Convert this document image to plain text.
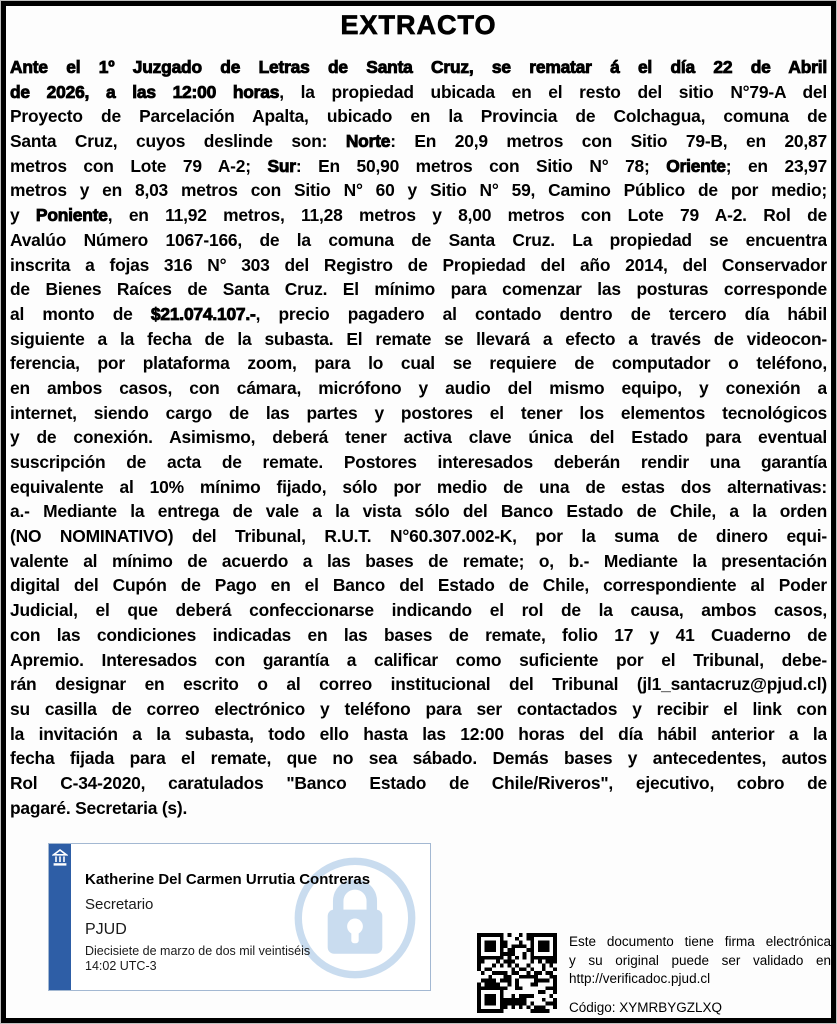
EXTRACTO
Ante el 1º Juzgado de Letras de Santa Cruz, se rematar á el día 22 de Abril
de 2026, a las 12:00 horas, la propiedad ubicada en el resto del sitio N°79-A del
Proyecto de Parcelación Apalta, ubicado en la Provincia de Colchagua, comuna de
Santa Cruz, cuyos deslinde son: Norte: En 20,9 metros con Sitio 79-B, en 20,87
metros con Lote 79 A-2; Sur: En 50,90 metros con Sitio N° 78; Oriente; en 23,97
metros y en 8,03 metros con Sitio N° 60 y Sitio N° 59, Camino Público de por medio;
y Poniente, en 11,92 metros, 11,28 metros y 8,00 metros con Lote 79 A-2. Rol de
Avalúo Número 1067-166, de la comuna de Santa Cruz. La propiedad se encuentra
inscrita a fojas 316 N° 303 del Registro de Propiedad del año 2014, del Conservador
de Bienes Raíces de Santa Cruz. El mínimo para comenzar las posturas corresponde
al monto de $21.074.107.-, precio pagadero al contado dentro de tercero día hábil
siguiente a la fecha de la subasta. El remate se llevará a efecto a través de videocon-
ferencia, por plataforma zoom, para lo cual se requiere de computador o teléfono,
en ambos casos, con cámara, micrófono y audio del mismo equipo, y conexión a
internet, siendo cargo de las partes y postores el tener los elementos tecnológicos
y de conexión. Asimismo, deberá tener activa clave única del Estado para eventual
suscripción de acta de remate. Postores interesados deberán rendir una garantía
equivalente al 10% mínimo fijado, sólo por medio de una de estas dos alternativas:
a.- Mediante la entrega de vale a la vista sólo del Banco Estado de Chile, a la orden
(NO NOMINATIVO) del Tribunal, R.U.T. N°60.307.002-K, por la suma de dinero equi-
valente al mínimo de acuerdo a las bases de remate; o, b.- Mediante la presentación
digital del Cupón de Pago en el Banco del Estado de Chile, correspondiente al Poder
Judicial, el que deberá confeccionarse indicando el rol de la causa, ambos casos,
con las condiciones indicadas en las bases de remate, folio 17 y 41 Cuaderno de
Apremio. Interesados con garantía a calificar como suficiente por el Tribunal, debe-
rán designar en escrito o al correo institucional del Tribunal (jl1_santacruz@pjud.cl)
su casilla de correo electrónico y teléfono para ser contactados y recibir el link con
la invitación a la subasta, todo ello hasta las 12:00 horas del día hábil anterior a la
fecha fijada para el remate, que no sea sábado. Demás bases y antecedentes, autos
Rol C-34-2020, caratulados "Banco Estado de Chile/Riveros", ejecutivo, cobro de
pagaré. Secretaria (s).
Katherine Del Carmen Urrutia Contreras
Secretario
PJUD
Diecisiete de marzo de dos mil veintiséis
14:02 UTC-3
Este documento tiene firma electrónica
y su original puede ser validado en
http://verificadoc.pjud.cl
Código: XYMRBYGZLXQ
